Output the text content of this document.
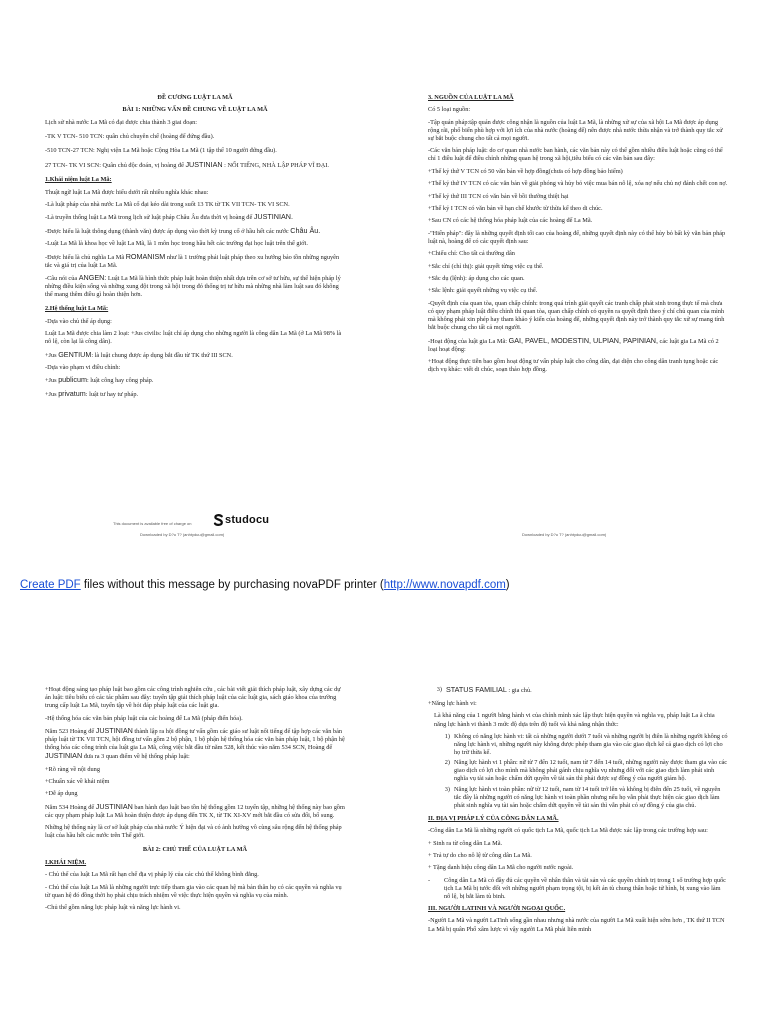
ĐỀ CƯƠNG LUẬT LA MÃ

BÀI 1: NHỮNG VẤN ĐỀ CHUNG VỀ LUẬT LA MÃ

Lịch sử nhà nước La Mã có đại được chia thành 3 giai đoạn:

-TK V TCN- 510 TCN: quân chủ chuyên chế (hoàng đế đứng đầu).

-510 TCN-27 TCN: Nghị viện La Mã hoặc Cộng Hòa La Mã (1 tập thể 10 người đứng đầu).

27 TCN- TK VI SCN: Quân chủ độc đoán, vị hoàng đế JUSTINIAN : NỔI TIẾNG, NHÀ LẬP PHÁP VĨ ĐẠI.

1.Khái niệm luật La Mã:

Thuật ngữ luật La Mã được hiểu dưới rất nhiều nghĩa khác nhau:

-Là luật pháp của nhà nước La Mã cổ đại kéo dài trong suốt 13 TK từ TK VII TCN- TK VI SCN.

-Là truyền thống luật La Mã trong lịch sử luật pháp Châu Âu đưa thời vị hoàng đế JUSTINIAN.

-Được hiểu là luật thông dụng (thành văn) được áp dụng vào thời kỳ trung cổ ở hầu hết các nước Châu Âu.

-Luật La Mã là khoa học về luật La Mã, là 1 môn học trong hầu hết các trường đại học luật trên thế giới.

-Được hiểu là chủ nghĩa La Mã ROMANISM như là 1 trường phái luật pháp theo xu hướng bảo tồn những nguyên tắc và giá trị của luật La Mã.

-Câu nói của ANGEN: Luật La Mã là hình thức pháp luật hoàn thiện nhất dựa trên cơ sở tư hữu, sự thể hiện pháp lý những điều kiện sống và những xung đột trong xã hội trong đó thống trị tư hữu mà những nhà làm luật sau đó không thể mang thêm điều gì hoàn thiện hơn.

2.Hệ thống luật La Mã:

-Dựa vào chủ thể áp dụng:

Luật La Mã được chia làm 2 loại: +Jus civilis: luật chỉ áp dụng cho những người là công dân La Mã (ở La Mã 98% là nô lệ, còn lại là công dân).

+Jus GENTIUM: là luật chung được áp dụng bắt đầu từ TK thứ III SCN.

-Dựa vào phạm vi điều chỉnh:

+Jus publicum: luật công hay công pháp.

+Jus privatum: luật tư hay tư pháp.

3. NGUỒN CỦA LUẬT LA MÃ

Có 5 loại nguồn:

-Tập quán pháp:tập quán được công nhận là nguồn của luật La Mã, là những xử sự của xã hội La Mã được áp dụng rộng rãi, phổ biến phù hợp với lợi ích của nhà nước (hoàng đế) nên được nhà nước thừa nhận và trở thành quy tắc xử sự bắt buộc chung cho tất cả mọi người.

-Các văn bản pháp luật: do cơ quan nhà nước ban hành, các văn bản này có thể gồm nhiều điều luật hoặc cũng có thể chỉ 1 điều luật để điều chỉnh những quan hệ trong xã hội,tiêu biểu có các văn bản sau đây:

+Thế kỷ thứ V TCN có 50 văn bản về hợp đồng(chưa có hợp đồng bảo hiểm)

+Thế kỷ thứ IV TCN có các văn bản về giải phóng và hủy bỏ việc mua bán nô lệ, xóa nợ nếu chủ nợ đánh chết con nợ.

+Thế kỷ thứ III TCN có văn bản về bồi thường thiệt hại

+Thế kỷ I TCN có văn bản về hạn chế khước từ thừa kế theo di chúc.

+Sau CN có các hệ thống hóa pháp luật của các hoàng đế La Mã.

-"Hiến pháp": đây là những quyết định tối cao của hoàng đế, những quyết định này có thể hủy bỏ bất kỳ văn bản pháp luật nà, hoàng đế có các quyết định sau:

+Chiếu chỉ: Cho tất cả thường dân

+Sắc chỉ (chỉ thị): giải quyết từng việc cụ thể.

+Sắc dụ (lệnh): áp dụng cho các quan.

+Sắc lệnh: giải quyết những vụ việc cụ thể.

-Quyết định của quan tòa, quan chấp chính: trong quá trình giải quyết các tranh chấp phát sinh trong thực tế mà chưa có quy phạm pháp luật điều chỉnh thì quan tòa, quan chấp chính có quyền ra quyết định theo ý chí chủ quan của mình mà không phải xin phép hay tham khảo ý kiến của hoàng đế, những quyết định này trở thành quy tắc xử sự mang tính bắt buộc chung cho tất cả mọi người.

-Hoạt động của luật gia La Mã: GAI, PAVEL, MODESTIN, ULPIAN, PAPINIAN, các luật gia La Mã có 2 loại hoạt động:

+Hoạt động thực tiễn bao gồm hoạt động tư vấn pháp luật cho công dân, đại diện cho công dân tranh tụng hoặc các dịch vụ khác: viết di chúc, soạn thảo hợp đồng.

This document is available free of charge on	studocu
Downloaded by D?u T? (anhtyduu@gmail.com)	Downloaded by D?u T? (anhtyduu@gmail.com)
Create PDF files without this message by purchasing novaPDF printer (http://www.novapdf.com)

+Hoạt động sáng tạo pháp luật bao gồm các công trình nghiên cứu , các bài viết giải thích pháp luật, xây dựng các dự án luật: tiêu biểu có các tác phẩm sau đây: tuyển tập giải thích pháp luật của các luật gia, sách giáo khoa của trường trung cấp luật La Mã, tuyển tập về hỏi đáp pháp luật của các luật gia.

-Hệ thống hóa các văn bản pháp luật của các hoàng đế La Mã (pháp điển hóa).

Năm 523 Hoàng đế JUSTINIAN thành lập ra hội đồng tư vấn gồm các giáo sư luật nổi tiếng để tập hợp các văn bản pháp luật từ TK VII TCN, hội đồng tư vấn gồm 2 bộ phận, 1 bộ phận hệ thống hóa các văn bản pháp luật, 1 bộ phận hệ thống hóa các công trình của luật gia La Mã, công việc bắt đầu từ năm 528, kết thúc vào năm 534 SCN, Hoàng đế JUSTINIAN đưa ra 3 quan điểm về hệ thống pháp luật:

+Rõ ràng về nội dung

+Chuẩn xác về khái niệm

+Dễ áp dụng

Năm 534 Hoàng đế JUSTINIAN ban hành đạo luật bao tồn hệ thống gồm 12 tuyển tập, những hệ thống này bao gồm các quy phạm pháp luật La Mã hoàn thiện được áp dụng đến TK X, từ TK XI-XV mới bắt đầu có sửa đổi, bổ sung.

Những hệ thống này là cơ sở luật pháp của nhà nước Ý hiện đại và có ảnh hưởng vô cùng sâu rộng đến hệ thống pháp luật của hầu hết các nước trên Thế giới.

BÀI 2: CHỦ THỂ CỦA LUẬT LA MÃ

I.KHÁI NIỆM.

- Chủ thể của luật La Mã rất hạn chế địa vị pháp lý của các chủ thể không bình đẳng.

- Chủ thể của luật La Mã là những người trực tiếp tham gia vào các quan hệ mà bản thân họ có các quyền và nghĩa vụ từ quan hệ đó đồng thời họ phải chịu trách nhiệm về việc thực hiện quyền và nghĩa vụ của mình.

-Chủ thể gồm năng lực pháp luật và năng lực hành vi.

3) STATUS FAMILIAL : gia chủ.

+Năng lực hành vi:

Là khả năng của 1 người bằng hành vi của chính mình xác lập thực hiện quyền và nghĩa vụ, pháp luật La ã chia năng lực hành vi thành 3 mức độ dựa trên độ tuổi và khả năng nhận thức:

1) Không có năng lực hành vi: tất cả những người dưới 7 tuổi và những người bị điên là những người không có năng lực hành vi, những người này không được phép tham gia vào các giao dịch kể cả giao dịch có lợi cho họ trừ thừa kế.
2) Năng lực hành vi 1 phần: nữ từ 7 đến 12 tuổi, nam từ 7 đến 14 tuổi, những người này được tham gia vào các giao dịch có lợi cho mình mà không phải gánh chịu nghĩa vụ nhưng đối với các giao dịch làm phát sinh nghĩa vụ tài sản hoặc chấm dứt quyền về tài sản thì phải được sự đồng ý của người giám hộ.
3) Năng lực hành vi toàn phần: nữ từ 12 tuổi, nam từ 14 tuổi trở lên và không bị điên đến 25 tuổi, về nguyên tắc đây là những người có năng lực hành vi toàn phần nhưng nếu họ vẫn phải thực hiện các giao dịch làm phát sinh nghĩa vụ tài sản hoặc chấm dứt quyền về tài sản thì vẫn phải có sự đồng ý của gia chủ.

II. ĐỊA VỊ PHÁP LÝ CỦA CÔNG DÂN LA MÃ.

-Công dân La Mã là những người có quốc tịch La Mã, quốc tịch La Mã được xác lập trong các trường hợp sau:

+ Sinh ra từ công dân La Mã.

+ Trả tự do cho nô lệ từ công dân La Mã.

+ Tặng danh hiệu công dân La Mã cho người nước ngoài.

-	Công dân La Mã có đầy đủ các quyền về nhân thân và tài sản và các quyền chính trị trong 1 số trường hợp quốc tịch La Mã bị tước đối với những người phạm trọng tội, bị kết án tù chung thân hoặc tử hình, bị xung vào làm nô lệ, bị bắt làm tù binh.

III. NGƯỜI LATINH VÀ NGƯỜI NGOẠI QUỐC.

-Người La Mã và người LaTinh sống gần nhau nhưng nhà nước của người La Mã xuất hiện sớm hơn , TK thứ II TCN La Mã bị quân Phổ xâm lược vì vậy người La Mã phải liên minh
